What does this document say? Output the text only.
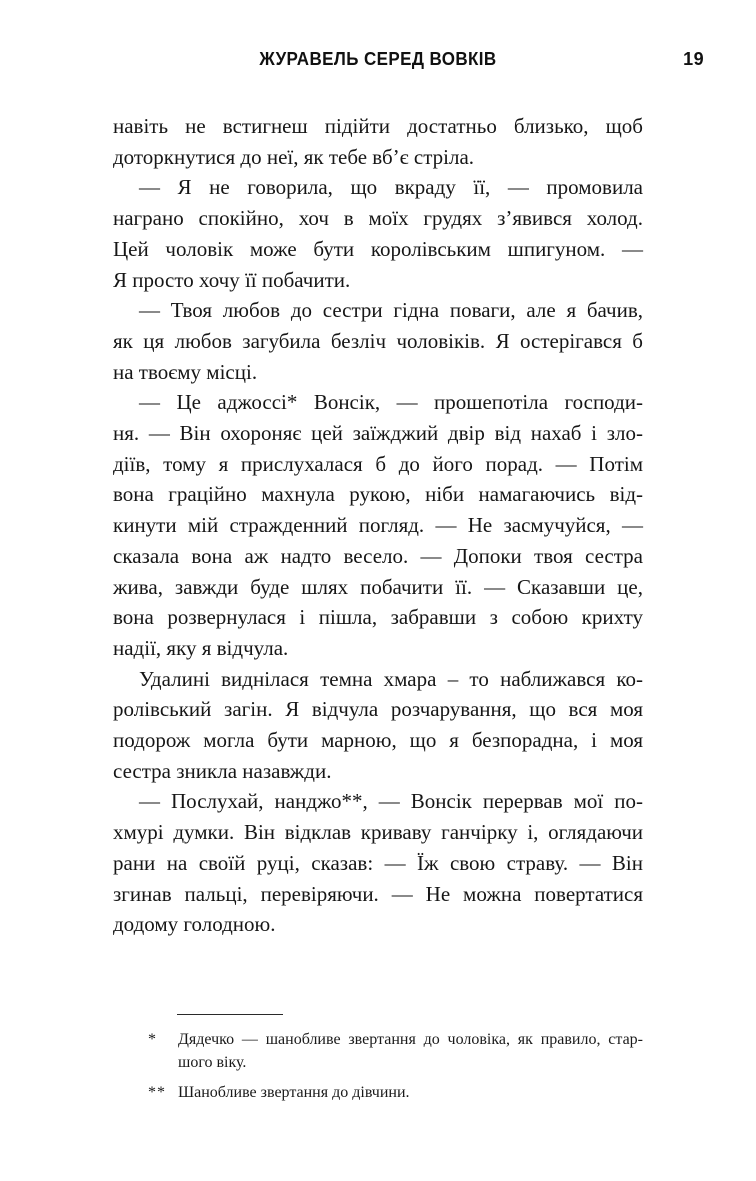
ЖУРАВЕЛЬ СЕРЕД ВОВКІВ	19
навіть не встигнеш підійти достатньо близько, щоб
доторкнутися до неї, як тебе вб’є стріла.
— Я не говорила, що вкраду її, — промовила
награно спокійно, хоч в моїх грудях з’явився холод.
Цей чоловік може бути королівським шпигуном. —
Я просто хочу її побачити.
— Твоя любов до сестри гідна поваги, але я бачив,
як ця любов загубила безліч чоловіків. Я остерігався б
на твоєму місці.
— Це аджоссі* Вонсік, — прошепотіла господи-
ня. — Він охороняє цей заїжджий двір від нахаб і зло-
діїв, тому я прислухалася б до його порад. — Потім
вона граційно махнула рукою, ніби намагаючись від-
кинути мій стражденний погляд. — Не засмучуйся, —
сказала вона аж надто весело. — Допоки твоя сестра
жива, завжди буде шлях побачити її. — Сказавши це,
вона розвернулася і пішла, забравши з собою крихту
надії, яку я відчула.
Удалині виднілася темна хмара – то наближався ко-
ролівський загін. Я відчула розчарування, що вся моя
подорож могла бути марною, що я безпорадна, і моя
сестра зникла назавжди.
— Послухай, нанджо**, — Вонсік перервав мої по-
хмурі думки. Він відклав криваву ганчірку і, оглядаючи
рани на своїй руці, сказав: — Їж свою страву. — Він
згинав пальці, перевіряючи. — Не можна повертатися
додому голодною.
* Дядечко — шанобливе звертання до чоловіка, як правило, стар-
шого віку.
** Шанобливе звертання до дівчини.
